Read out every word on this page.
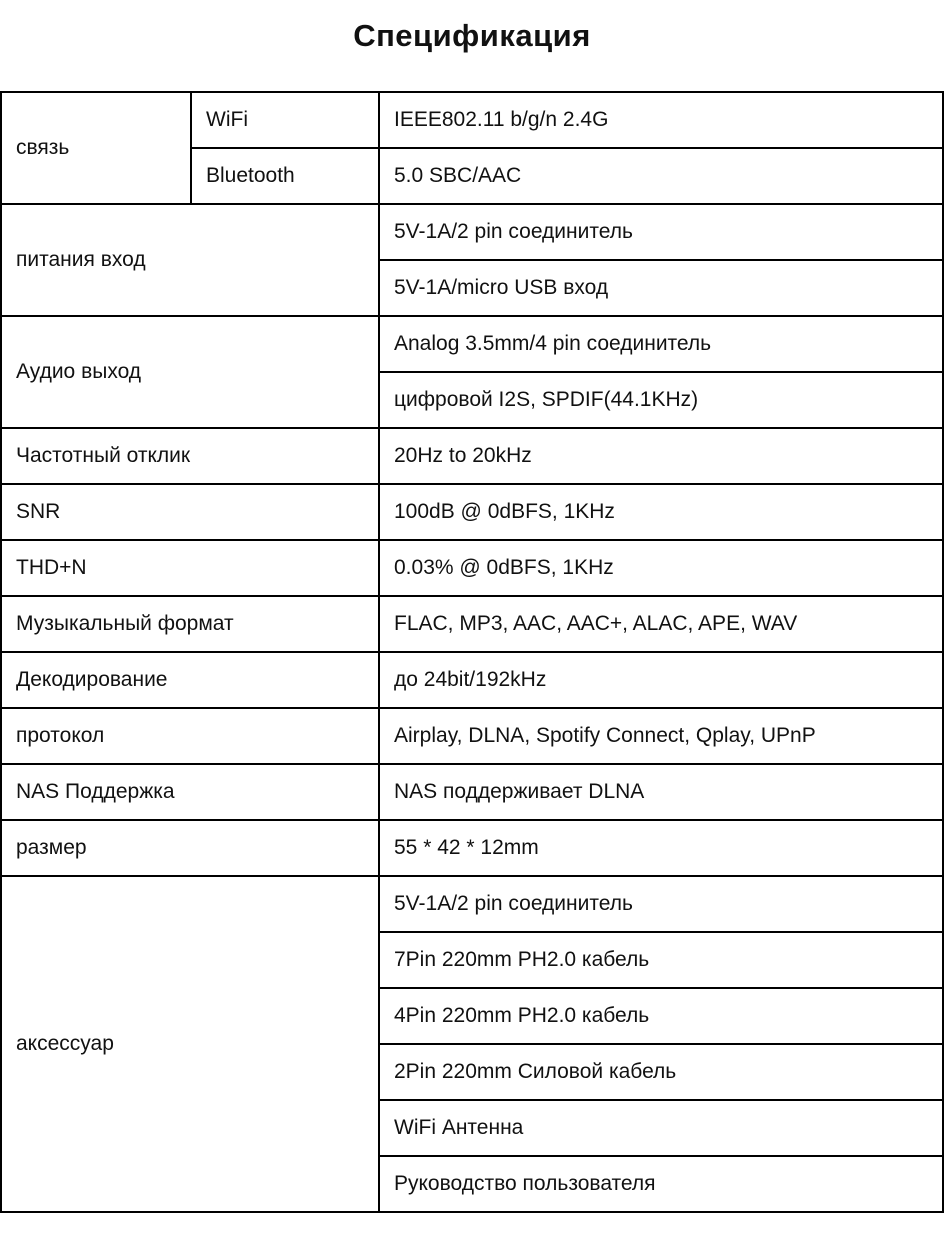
Спецификация
связь	WiFi	IEEE802.11 b/g/n 2.4G
	Bluetooth	5.0 SBC/AAC
питания вход		5V-1A/2 pin соединитель
		5V-1A/micro USB вход
Аудио выход		Analog 3.5mm/4 pin соединитель
		цифровой I2S, SPDIF(44.1KHz)
Частотный отклик		20Hz to 20kHz
SNR		100dB @ 0dBFS, 1KHz
THD+N		0.03% @ 0dBFS, 1KHz
Музыкальный формат		FLAC, MP3, AAC, AAC+, ALAC, APE, WAV
Декодирование		до 24bit/192kHz
протокол		Airplay, DLNA, Spotify Connect, Qplay, UPnP
NAS Поддержка		NAS поддерживает DLNA
размер		55 * 42 * 12mm
аксессуар		5V-1A/2 pin соединитель
		7Pin 220mm PH2.0 кабель
		4Pin 220mm PH2.0 кабель
		2Pin 220mm Силовой кабель
		WiFi Антенна
		Руководство пользователя
